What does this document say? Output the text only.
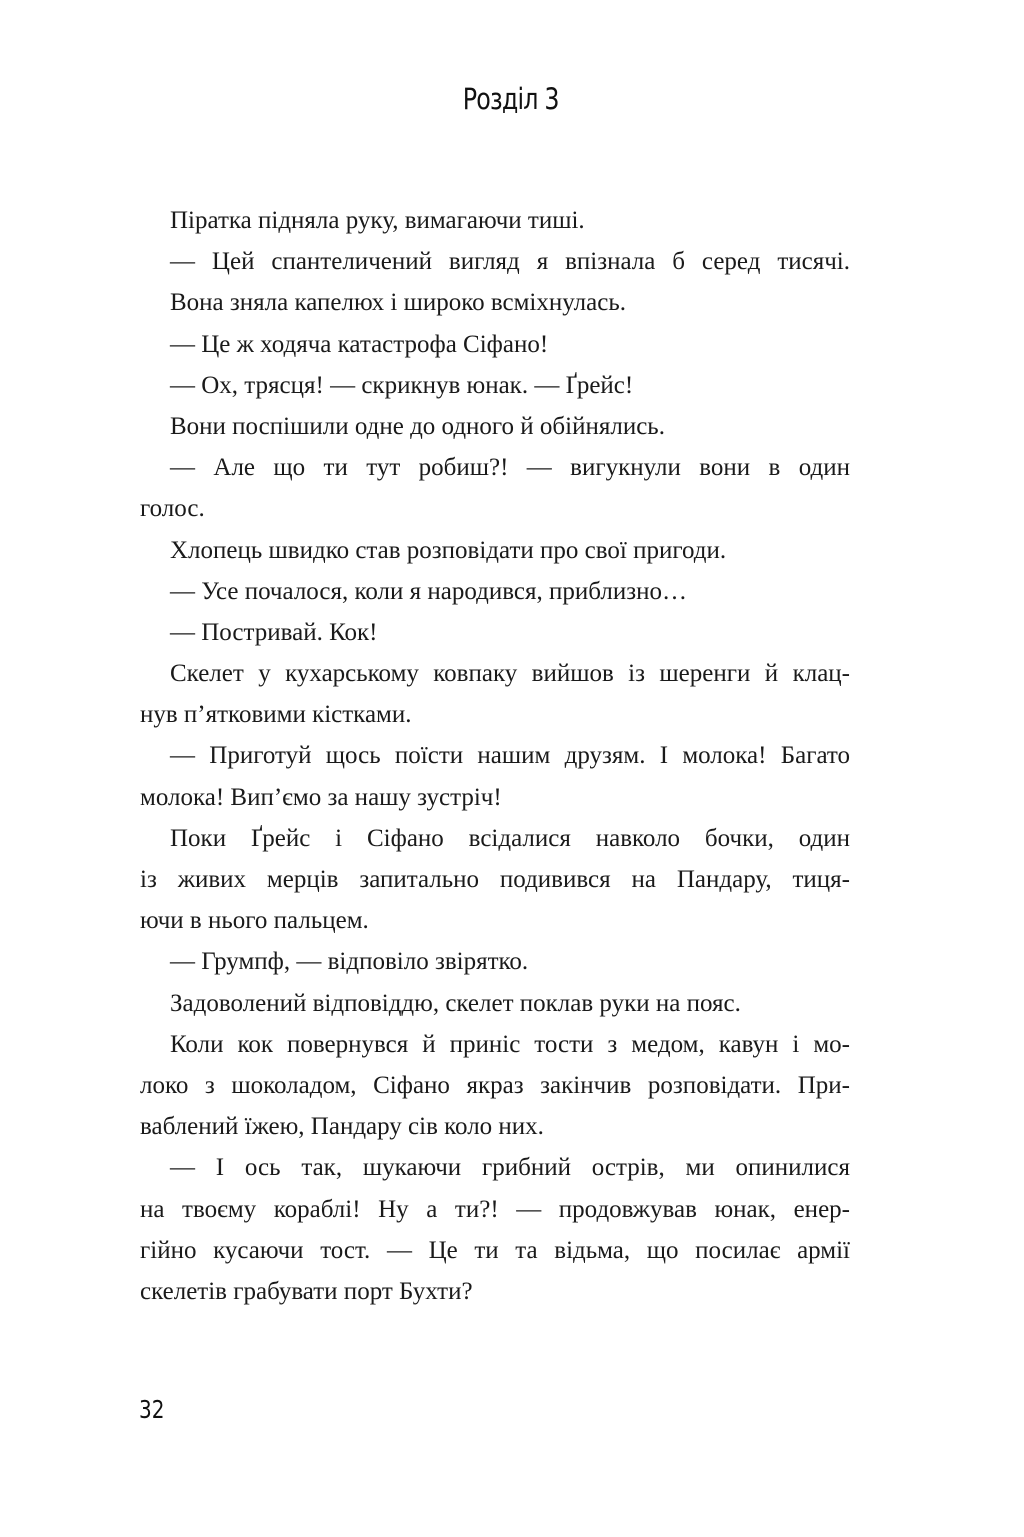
Розділ 3
Піратка підняла руку, вимагаючи тиші.
— Цей спантеличений вигляд я впізнала б серед тисячі.
Вона зняла капелюх і широко всміхнулась.
— Це ж ходяча катастрофа Сіфано!
— Ох, трясця! — скрикнув юнак. — Ґрейс!
Вони поспішили одне до одного й обійнялись.
— Але що ти тут робиш?! — вигукнули вони в один
голос.
Хлопець швидко став розповідати про свої пригоди.
— Усе почалося, коли я народився, приблизно…
— Постривай. Кок!
Скелет у кухарському ковпаку вийшов із шеренги й клац-
нув п’ятковими кістками.
— Приготуй щось поїсти нашим друзям. І молока! Багато
молока! Вип’ємо за нашу зустріч!
Поки Ґрейс і Сіфано всідалися навколо бочки, один
із живих мерців запитально подивився на Пандару, тиця-
ючи в нього пальцем.
— Грумпф, — відповіло звірятко.
Задоволений відповіддю, скелет поклав руки на пояс.
Коли кок повернувся й приніс тости з медом, кавун і мо-
локо з шоколадом, Сіфано якраз закінчив розповідати. При-
ваблений їжею, Пандару сів коло них.
— І ось так, шукаючи грибний острів, ми опинилися
на твоєму кораблі! Ну а ти?! — продовжував юнак, енер-
гійно кусаючи тост. — Це ти та відьма, що посилає армії
скелетів грабувати порт Бухти?
32
